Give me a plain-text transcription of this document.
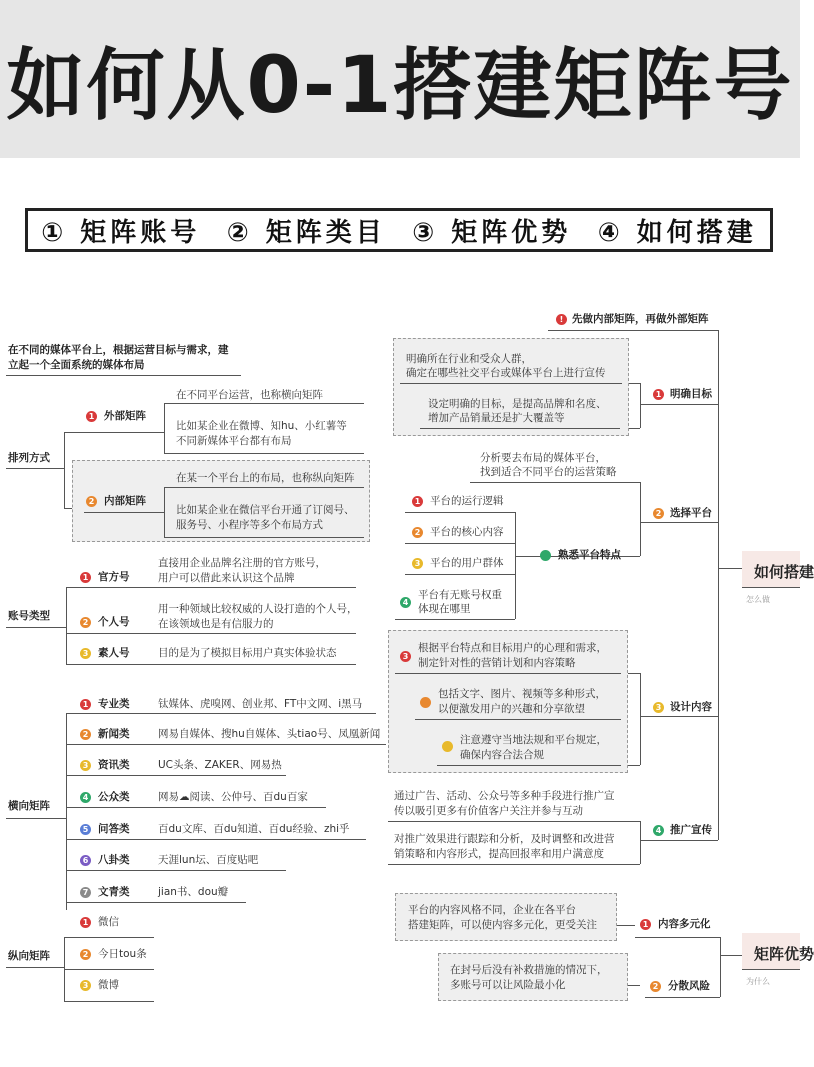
如何从0-1搭建矩阵号
① 矩阵账号 ② 矩阵类目 ③ 矩阵优势 ④ 如何搭建
在不同的媒体平台上，根据运营目标与需求，建
立起一个全面系统的媒体布局
排列方式
1 外部矩阵
在不同平台运营，也称横向矩阵
比如某企业在微博、知hu、小红薯等
不同新媒体平台都有布局
2 内部矩阵
在某一个平台上的布局，也称纵向矩阵
比如某企业在微信平台开通了订阅号、
服务号、小程序等多个布局方式
账号类型
1 官方号
直接用企业品牌名注册的官方账号，
用户可以借此来认识这个品牌
2 个人号
用一种领域比较权威的人设打造的个人号，
在该领域也是有信服力的
3 素人号	目的是为了模拟目标用户真实体验状态
横向矩阵
1 专业类	钛媒体、虎嗅网、创业邦、FT中文网、i黑马
2 新闻类	网易自媒体、搜hu自媒体、头tiao号、凤凰新闻
3 资讯类	UC头条、ZAKER、网易热
4 公众类	网易☁阅读、公仲号、百du百家
5 问答类	百du文库、百du知道、百du经验、zhi乎
6 八卦类	天涯lun坛、百度贴吧
7 文青类	jian书、dou瓣
纵向矩阵
1 微信
2 今日tou条
3 微博
! 先做内部矩阵，再做外部矩阵
明确所在行业和受众人群，
确定在哪些社交平台或媒体平台上进行宣传
设定明确的目标，是提高品牌和名度、
增加产品销量还是扩大覆盖等
1 明确目标
分析要去布局的媒体平台，
找到适合不同平台的运营策略
2 选择平台
1 平台的运行逻辑
2 平台的核心内容
3 平台的用户群体
4
平台有无账号权重
体现在哪里
熟悉平台特点
3
根据平台特点和目标用户的心理和需求，
制定针对性的营销计划和内容策略
包括文字、图片、视频等多种形式，
以便激发用户的兴趣和分享欲望
注意遵守当地法规和平台规定，
确保内容合法合规
3 设计内容
通过广告、活动、公众号等多种手段进行推广宣
传以吸引更多有价值客户关注并参与互动
对推广效果进行跟踪和分析，及时调整和改进营
销策略和内容形式，提高回报率和用户满意度
4 推广宣传
如何搭建
怎么做
平台的内容风格不同，企业在各平台
搭建矩阵，可以使内容多元化，更受关注	1 内容多元化
在封号后没有补救措施的情况下，
多账号可以让风险最小化	2 分散风险
矩阵优势
为什么
